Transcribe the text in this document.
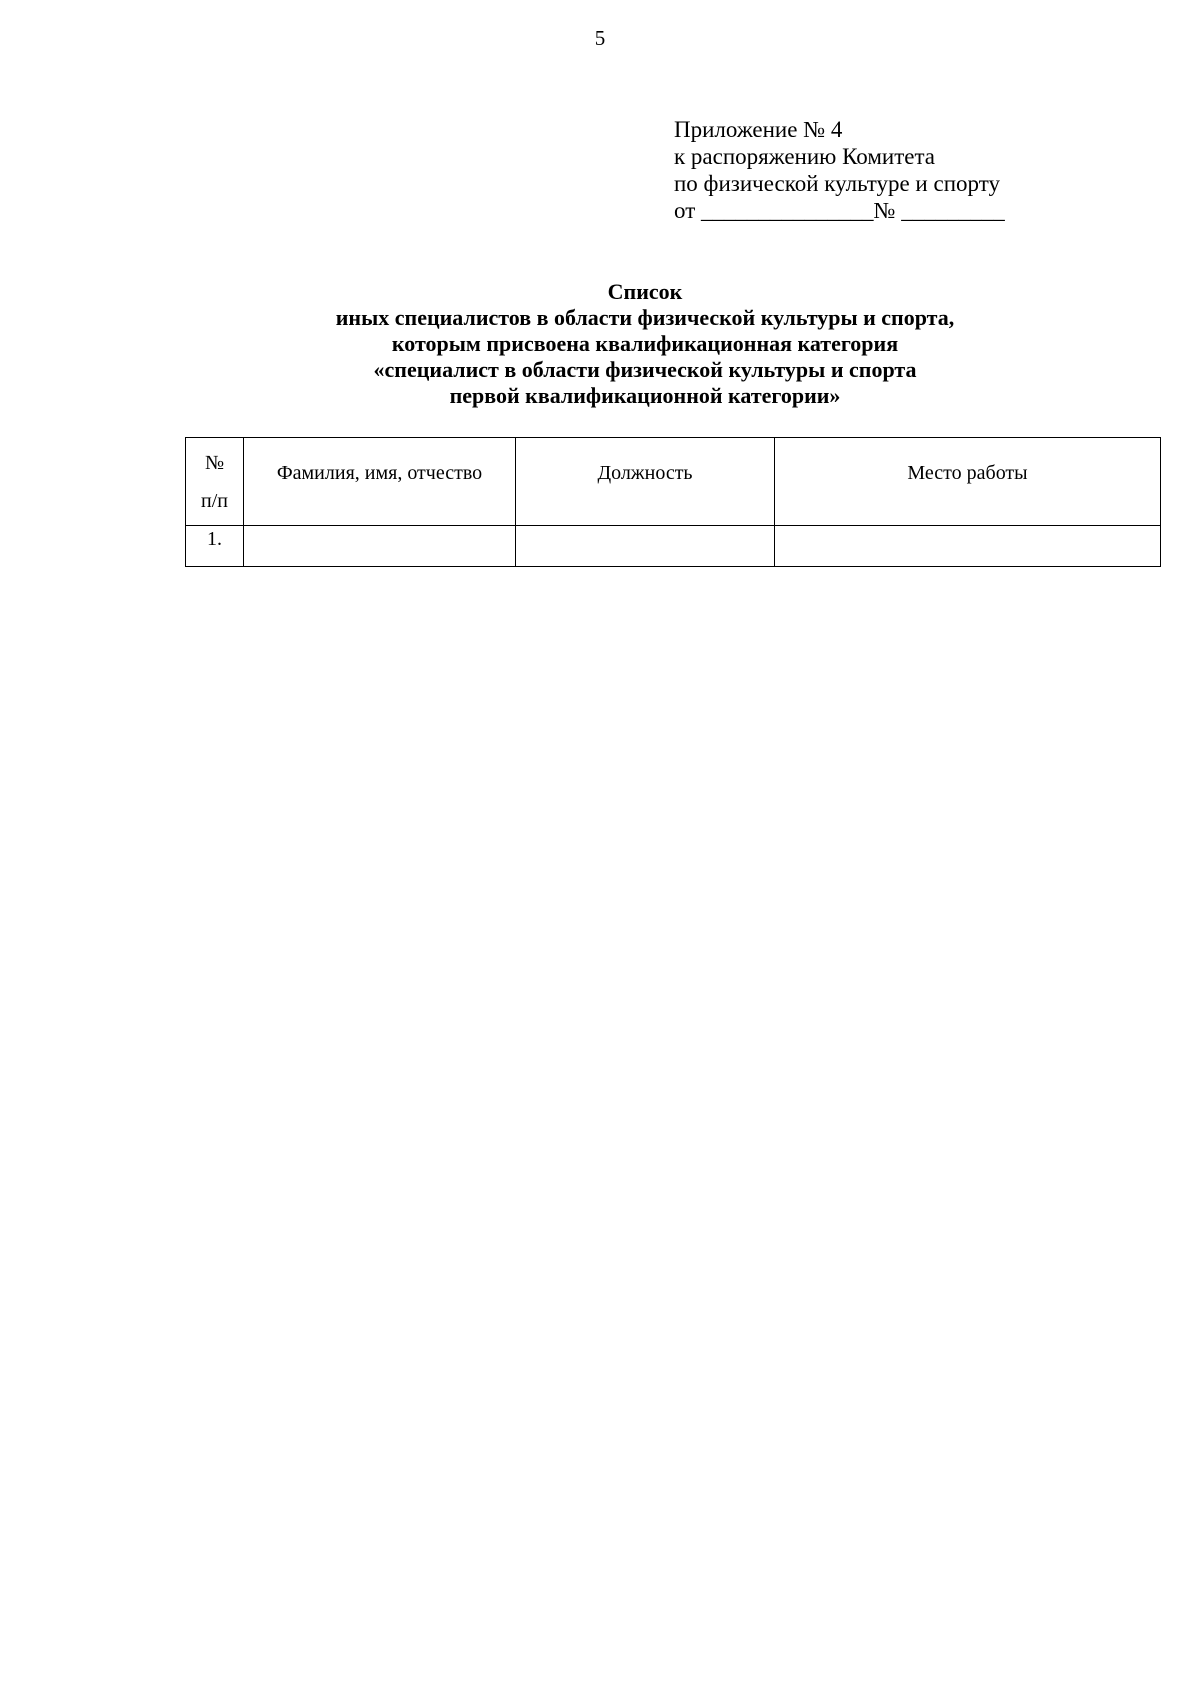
5
Приложение № 4
к распоряжению Комитета
по физической культуре и спорту
от _______________№ _________
Список
иных специалистов в области физической культуры и спорта,
которым присвоена квалификационная категория
«специалист в области физической культуры и спорта
первой квалификационной категории»
№
п/п	Фамилия, имя, отчество	Должность	Место работы
1.			
